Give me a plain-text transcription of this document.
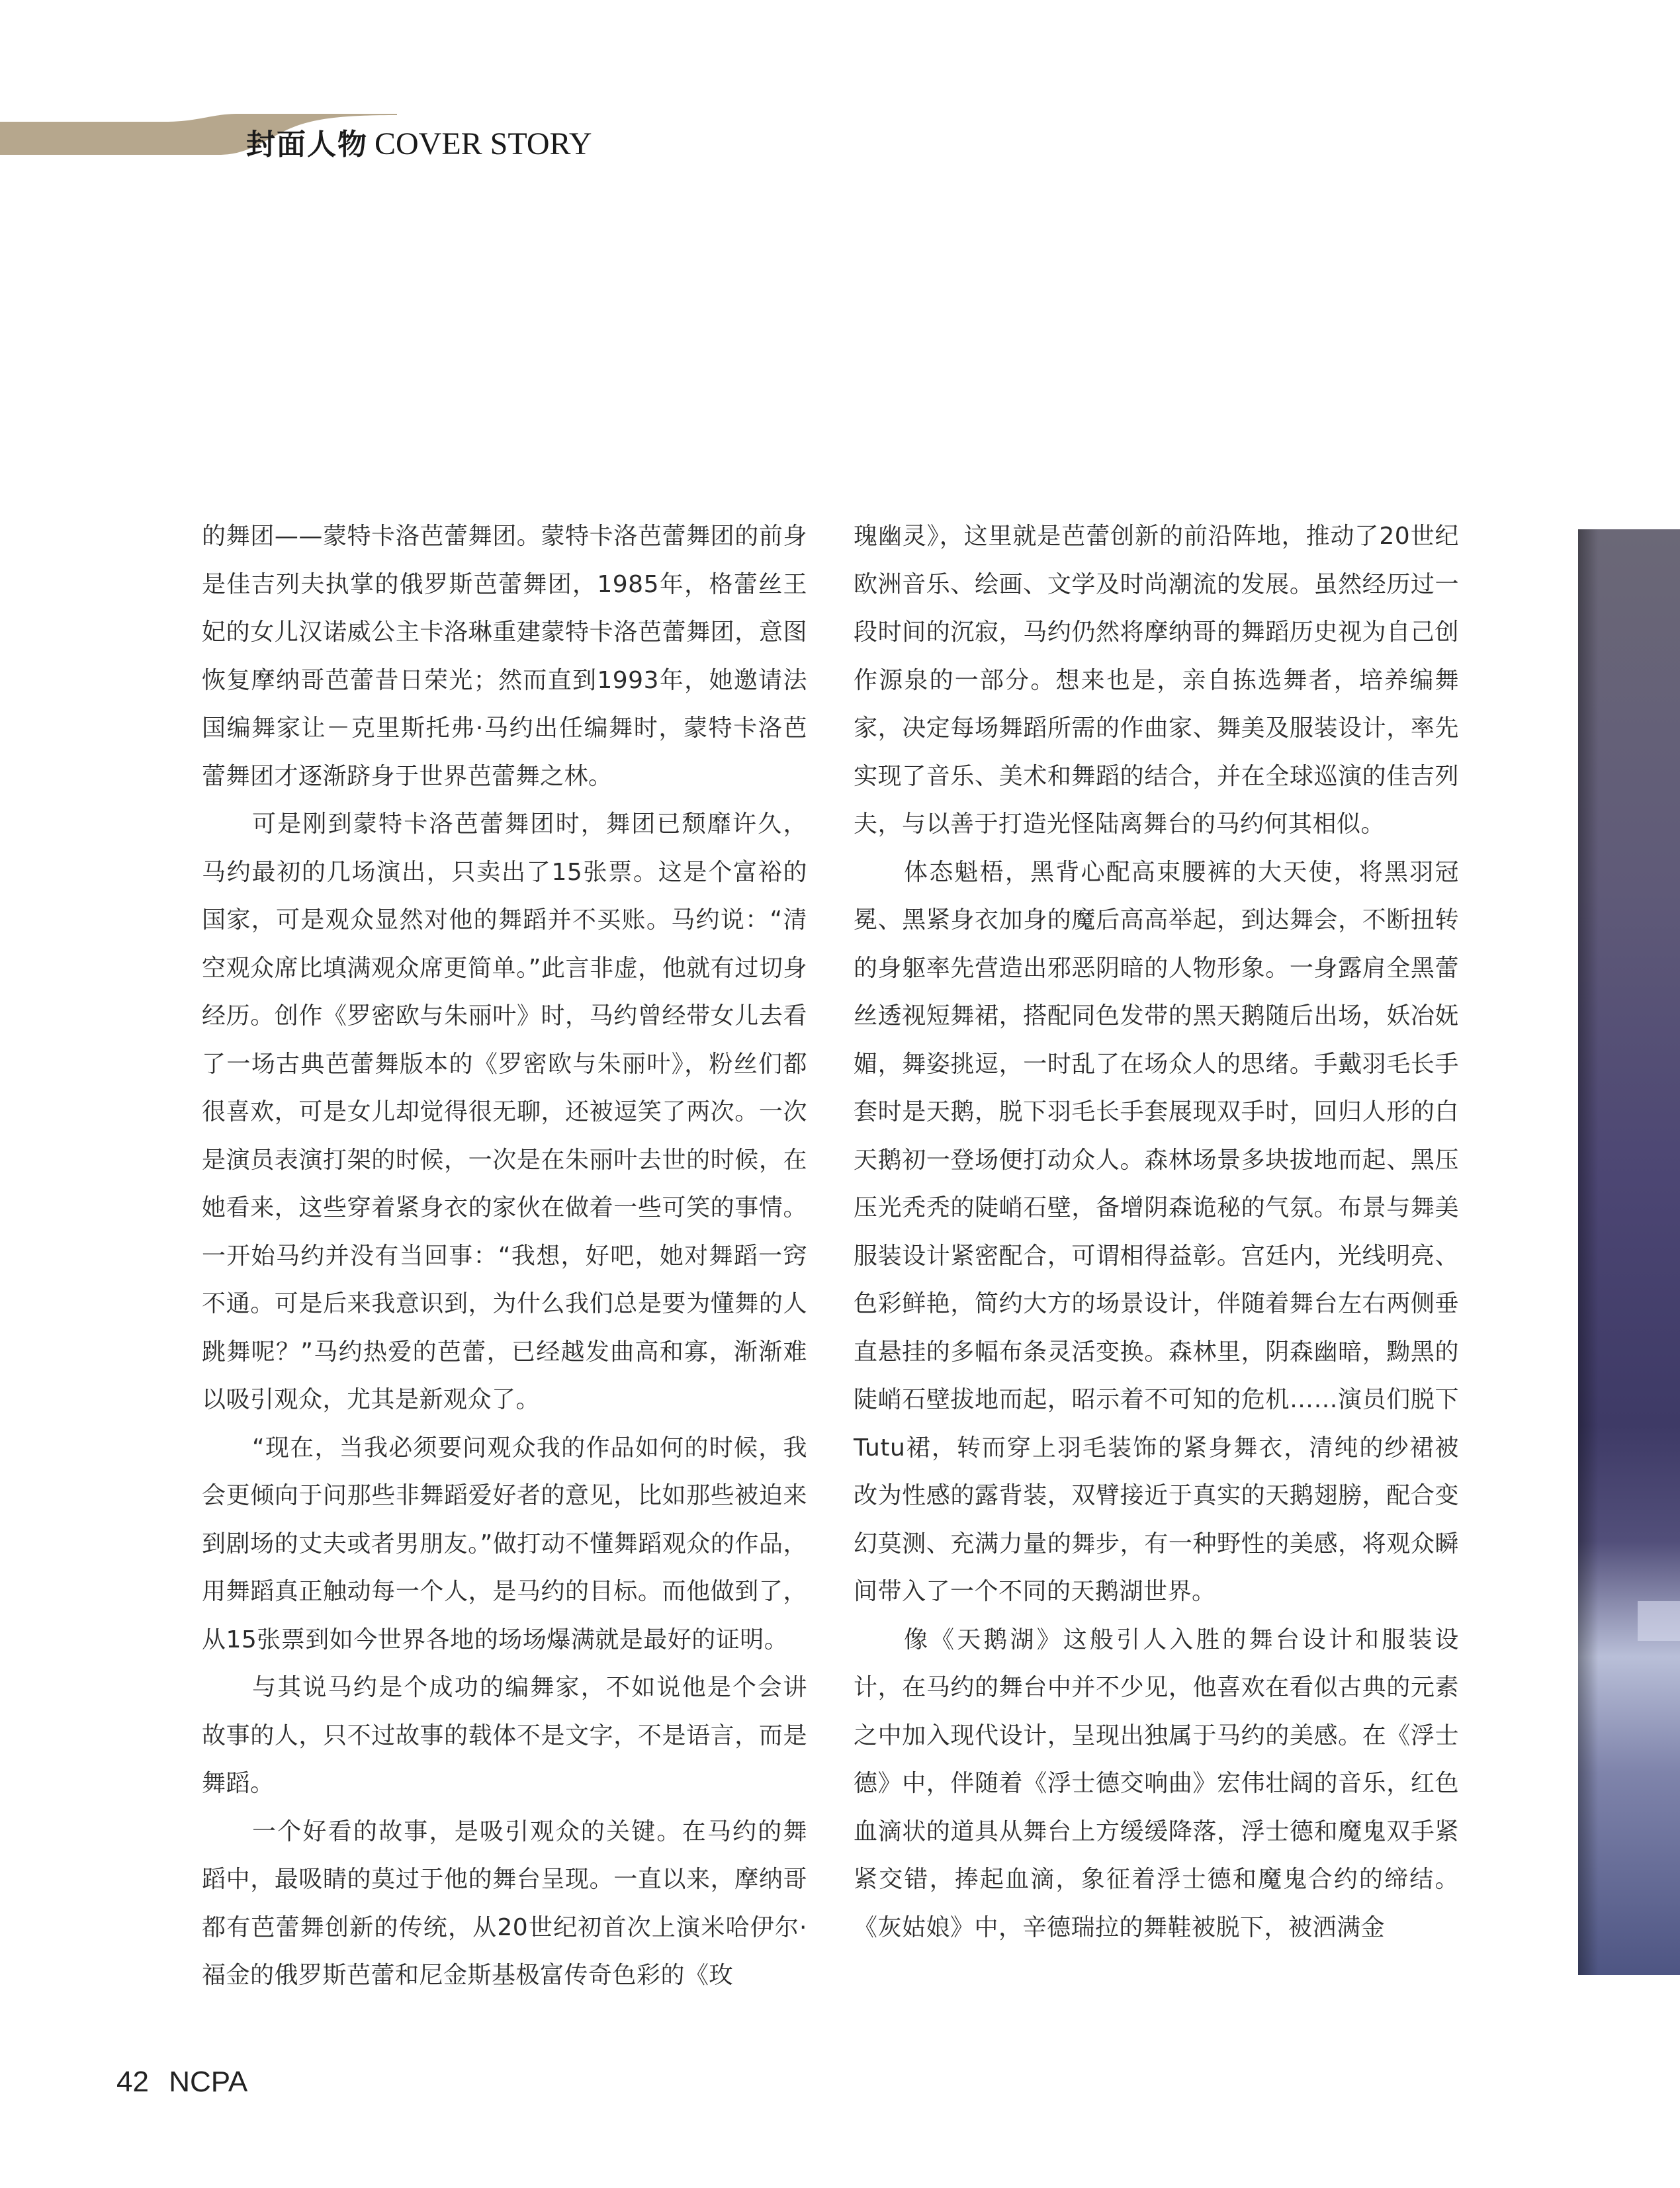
封面人物 COVER STORY

的舞团——蒙特卡洛芭蕾舞团。蒙特卡洛芭蕾舞团的前身是佳吉列夫执掌的俄罗斯芭蕾舞团，1985年，格蕾丝王妃的女儿汉诺威公主卡洛琳重建蒙特卡洛芭蕾舞团，意图恢复摩纳哥芭蕾昔日荣光；然而直到1993年，她邀请法国编舞家让－克里斯托弗·马约出任编舞时，蒙特卡洛芭蕾舞团才逐渐跻身于世界芭蕾舞之林。

可是刚到蒙特卡洛芭蕾舞团时，舞团已颓靡许久，马约最初的几场演出，只卖出了15张票。这是个富裕的国家，可是观众显然对他的舞蹈并不买账。马约说：“清空观众席比填满观众席更简单。”此言非虚，他就有过切身经历。创作《罗密欧与朱丽叶》时，马约曾经带女儿去看了一场古典芭蕾舞版本的《罗密欧与朱丽叶》，粉丝们都很喜欢，可是女儿却觉得很无聊，还被逗笑了两次。一次是演员表演打架的时候，一次是在朱丽叶去世的时候，在她看来，这些穿着紧身衣的家伙在做着一些可笑的事情。一开始马约并没有当回事：“我想，好吧，她对舞蹈一窍不通。可是后来我意识到，为什么我们总是要为懂舞的人跳舞呢？”马约热爱的芭蕾，已经越发曲高和寡，渐渐难以吸引观众，尤其是新观众了。

“现在，当我必须要问观众我的作品如何的时候，我会更倾向于问那些非舞蹈爱好者的意见，比如那些被迫来到剧场的丈夫或者男朋友。”做打动不懂舞蹈观众的作品，用舞蹈真正触动每一个人，是马约的目标。而他做到了，从15张票到如今世界各地的场场爆满就是最好的证明。

与其说马约是个成功的编舞家，不如说他是个会讲故事的人，只不过故事的载体不是文字，不是语言，而是舞蹈。

一个好看的故事，是吸引观众的关键。在马约的舞蹈中，最吸睛的莫过于他的舞台呈现。一直以来，摩纳哥都有芭蕾舞创新的传统，从20世纪初首次上演米哈伊尔·福金的俄罗斯芭蕾和尼金斯基极富传奇色彩的《玫

瑰幽灵》，这里就是芭蕾创新的前沿阵地，推动了20世纪欧洲音乐、绘画、文学及时尚潮流的发展。虽然经历过一段时间的沉寂，马约仍然将摩纳哥的舞蹈历史视为自己创作源泉的一部分。想来也是，亲自拣选舞者，培养编舞家，决定每场舞蹈所需的作曲家、舞美及服装设计，率先实现了音乐、美术和舞蹈的结合，并在全球巡演的佳吉列夫，与以善于打造光怪陆离舞台的马约何其相似。

体态魁梧，黑背心配高束腰裤的大天使，将黑羽冠冕、黑紧身衣加身的魔后高高举起，到达舞会，不断扭转的身躯率先营造出邪恶阴暗的人物形象。一身露肩全黑蕾丝透视短舞裙，搭配同色发带的黑天鹅随后出场，妖冶妩媚，舞姿挑逗，一时乱了在场众人的思绪。手戴羽毛长手套时是天鹅，脱下羽毛长手套展现双手时，回归人形的白天鹅初一登场便打动众人。森林场景多块拔地而起、黑压压光秃秃的陡峭石壁，备增阴森诡秘的气氛。布景与舞美服装设计紧密配合，可谓相得益彰。宫廷内，光线明亮、色彩鲜艳，简约大方的场景设计，伴随着舞台左右两侧垂直悬挂的多幅布条灵活变换。森林里，阴森幽暗，黝黑的陡峭石壁拔地而起，昭示着不可知的危机……演员们脱下Tutu裙，转而穿上羽毛装饰的紧身舞衣，清纯的纱裙被改为性感的露背装，双臂接近于真实的天鹅翅膀，配合变幻莫测、充满力量的舞步，有一种野性的美感，将观众瞬间带入了一个不同的天鹅湖世界。

像《天鹅湖》这般引人入胜的舞台设计和服装设计，在马约的舞台中并不少见，他喜欢在看似古典的元素之中加入现代设计，呈现出独属于马约的美感。在《浮士德》中，伴随着《浮士德交响曲》宏伟壮阔的音乐，红色血滴状的道具从舞台上方缓缓降落，浮士德和魔鬼双手紧紧交错，捧起血滴，象征着浮士德和魔鬼合约的缔结。《灰姑娘》中，辛德瑞拉的舞鞋被脱下，被洒满金

42 NCPA
